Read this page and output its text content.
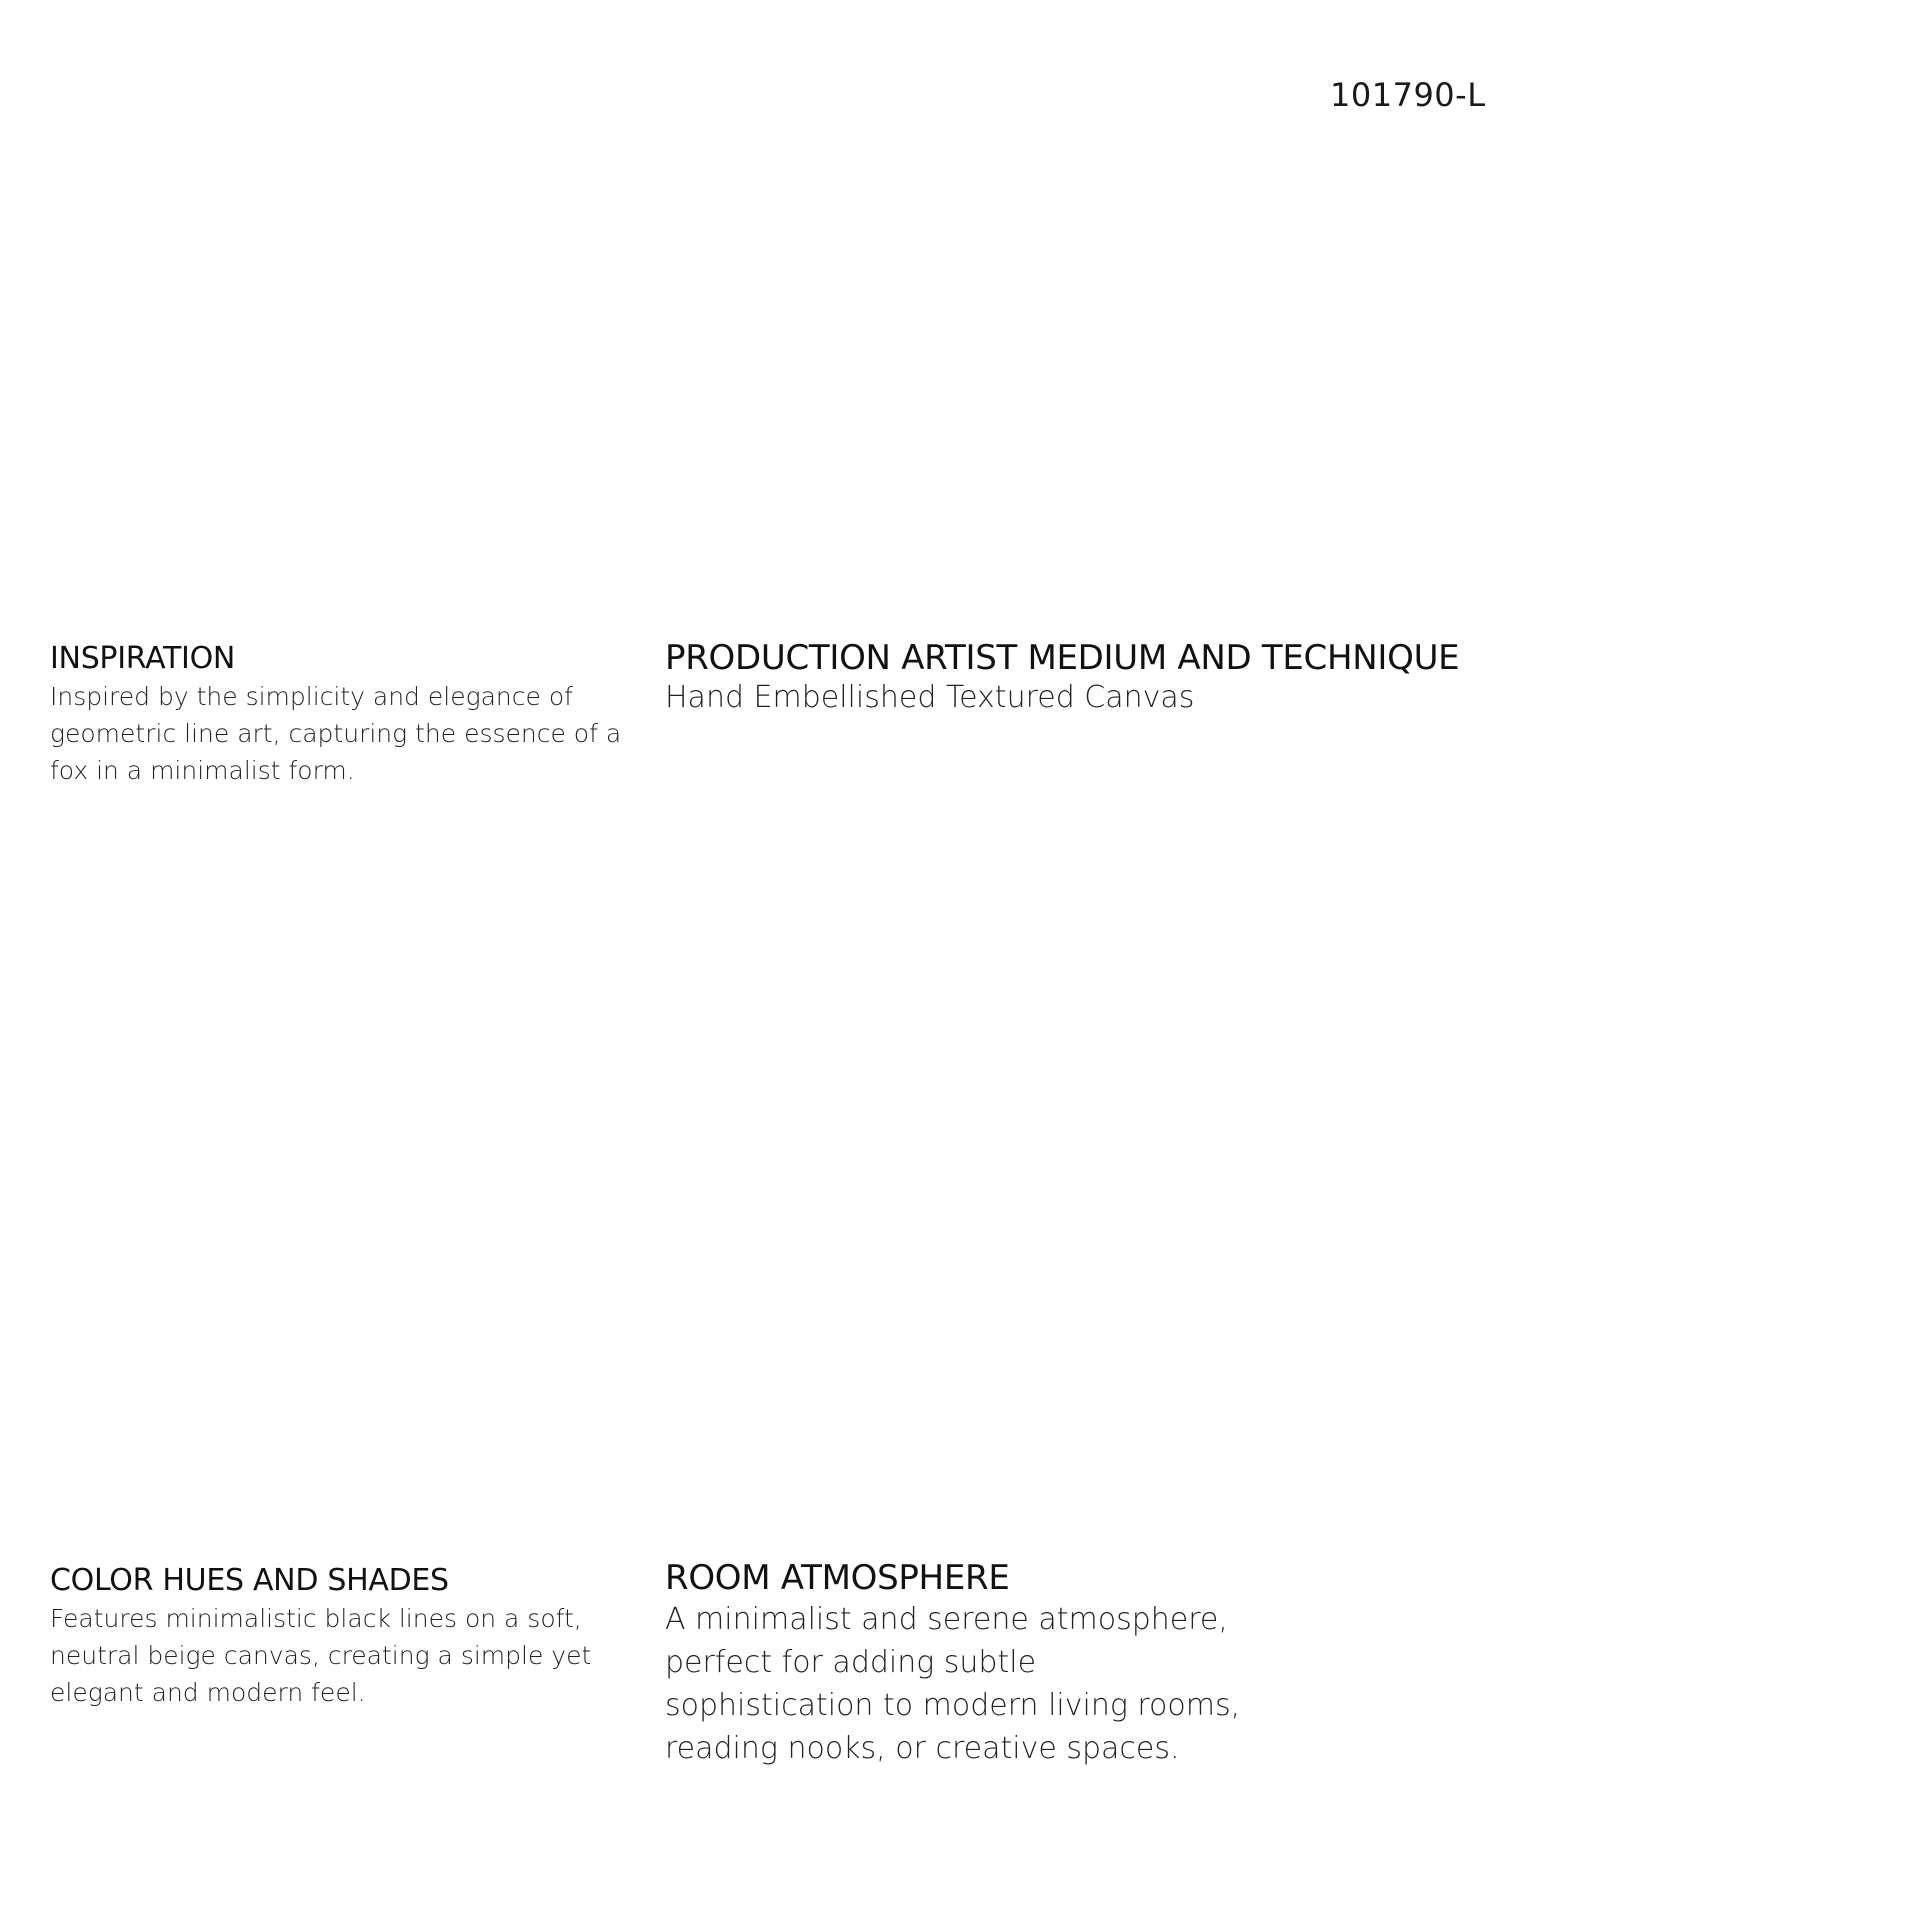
101790-L
INSPIRATION

Inspired by the simplicity and elegance of geometric line art, capturing the essence of a fox in a minimalist form.

PRODUCTION ARTIST MEDIUM AND TECHNIQUE

Hand Embellished Textured Canvas

COLOR HUES AND SHADES

Features minimalistic black lines on a soft, neutral beige canvas, creating a simple yet elegant and modern feel.

ROOM ATMOSPHERE

A minimalist and serene atmosphere, perfect for adding subtle sophistication to modern living rooms, reading nooks, or creative spaces.
